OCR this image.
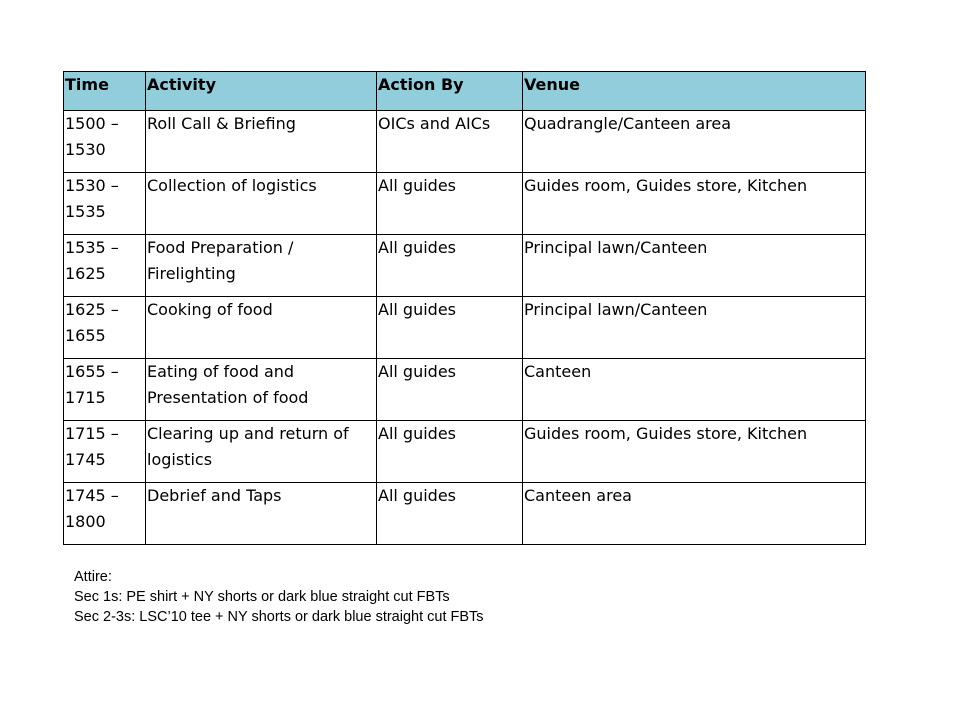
Time	Activity	Action By	Venue
1500 – 1530	Roll Call & Briefing	OICs and AICs	Quadrangle/Canteen area
1530 – 1535	Collection of logistics	All guides	Guides room, Guides store, Kitchen
1535 – 1625	Food Preparation / Firelighting	All guides	Principal lawn/Canteen
1625 – 1655	Cooking of food	All guides	Principal lawn/Canteen
1655 – 1715	Eating of food and Presentation of food	All guides	Canteen
1715 – 1745	Clearing up and return of logistics	All guides	Guides room, Guides store, Kitchen
1745 – 1800	Debrief and Taps	All guides	Canteen area
Attire:
Sec 1s: PE shirt + NY shorts or dark blue straight cut FBTs
Sec 2-3s: LSC’10 tee + NY shorts or dark blue straight cut FBTs
